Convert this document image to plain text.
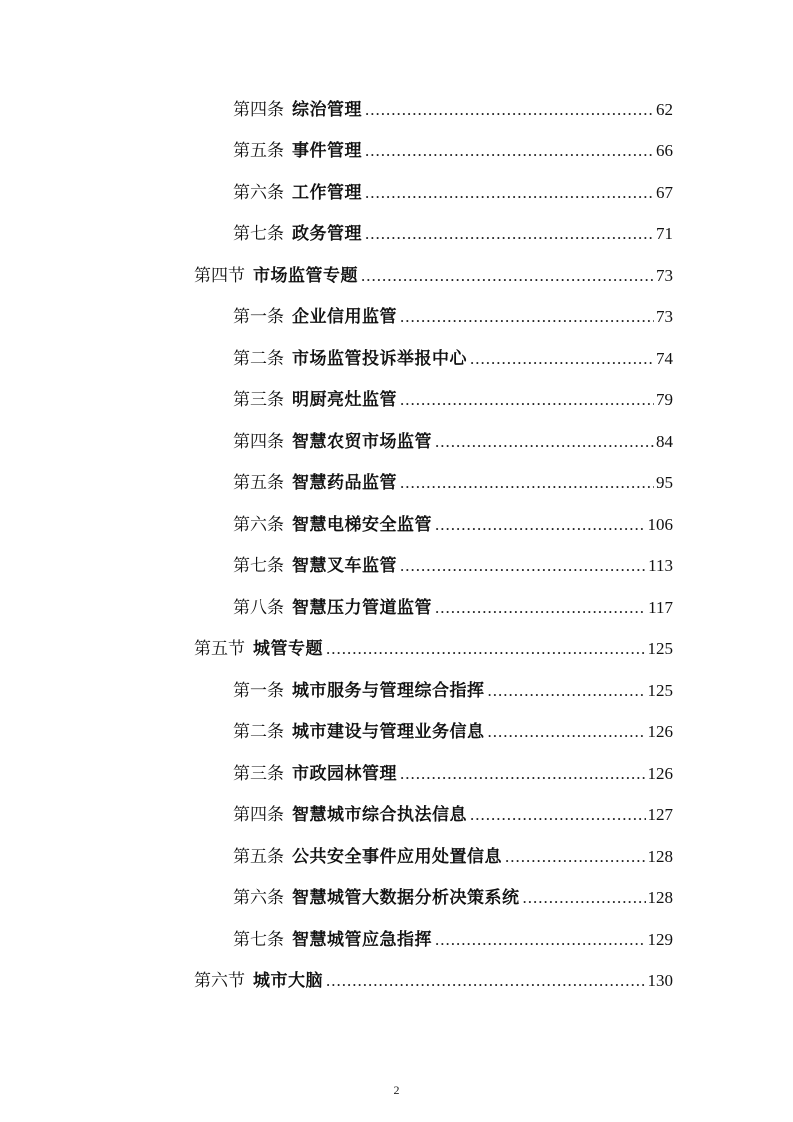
第四条 综治管理 .....	62
第五条 事件管理 .....	66
第六条 工作管理 .....	67
第七条 政务管理 .....	71
第四节 市场监管专题 .....	73
第一条 企业信用监管 .....	73
第二条 市场监管投诉举报中心 .....	74
第三条 明厨亮灶监管 .....	79
第四条 智慧农贸市场监管 .....	84
第五条 智慧药品监管 .....	95
第六条 智慧电梯安全监管 .....	106
第七条 智慧叉车监管 .....	113
第八条 智慧压力管道监管 .....	117
第五节 城管专题 .....	125
第一条 城市服务与管理综合指挥 .....	125
第二条 城市建设与管理业务信息 .....	126
第三条 市政园林管理 .....	126
第四条 智慧城市综合执法信息 .....	127
第五条 公共安全事件应用处置信息 .....	128
第六条 智慧城管大数据分析决策系统 .....	128
第七条 智慧城管应急指挥 .....	129
第六节 城市大脑 .....	130
2
